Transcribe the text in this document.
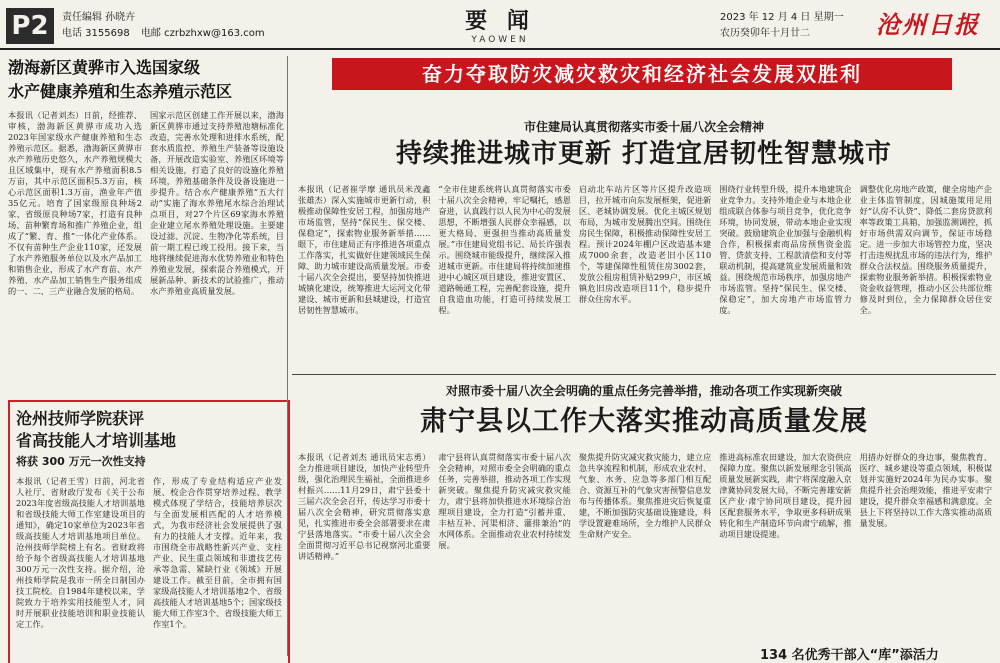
P2	责任编辑 孙晓卉
电话 3155698 电邮 czrbzhxw@163.com	要 闻
YAOWEN
2023 年 12 月 4 日 星期一
农历癸卯年十月廿二	沧州日报
渤海新区黄骅市入选国家级
水产健康养殖和生态养殖示范区
本报讯（记者刘杰）日前，经推荐、审核，渤海新区黄骅市成功入选2023年国家级水产健康养殖和生态养殖示范区。据悉，渤海新区黄骅市水产养殖历史悠久，水产养殖规模大且区域集中，现有水产养殖面积8.5万亩，其中示范区面积5.3万亩，核心示范区面积1.3万亩，渔业年产值35亿元。培育了国家级原良种场2家、省级原良种场7家，打造有良种场、苗种繁育场和推广养殖企业，组成了“繁、育、推”一体化产业体系。不仅有苗种生产企业110家，还发展了水产养殖服务单位以及水产品加工和销售企业，形成了水产育苗、水产养殖、水产品加工销售生产服务组成的一、二、三产业融合发展的格局。
国家示范区创建工作开展以来，渤海新区黄骅市通过支持养殖池塘标准化改造，完善水处理和进排水系统，配套水质监控、养殖生产装备等设施设备，开展改造实验室、养殖区环境等相关设施，打造了良好的设施化养殖环境，养殖基础条件及设备设施进一步提升。结合水产健康养殖“五大行动”实施了海水养殖尾水综合治理试点项目，对27个片区69家海水养殖企业建立尾水养殖处理设施。主要建设过滤、沉淀、生物净化等系统，目前一期工程已竣工投用。接下来，当地将继续促进海水优势养殖业和特色养殖业发展，探索混合养殖模式，开展新品种、新技术的试验推广，推动水产养殖业高质量发展。
沧州技师学院获评
省高技能人才培训基地
将获 300 万元一次性支持
本报讯（记者王雪）日前，河北省人社厅、省财政厅发布《关于公布2023年度省级高技能人才培训基地和省级技能大师工作室建设项目的通知》，确定10家单位为2023年省级高技能人才培训基地项目单位。沧州技师学院榜上有名。省财政将给予每个省级高技能人才培训基地300万元一次性支持。据介绍，沧州技师学院是我市一所全日制国办技工院校。自1984年建校以来，学院致力于培养实用技能型人才，同时开展职业技能培训和职业技能认定工作。
作，形成了专业结构适应产业发展、校企合作贯穿培养过程、教学模式体现了学结合，技能培养层次与全面发展相匹配的人才培养模式，为我市经济社会发展提供了强有力的技能人才支撑。近年来，我市围绕全市战略性新兴产业、支柱产业、民生重点领域和非遗技艺传承等急需、紧缺行业《领域》开展建设工作。截至目前，全市拥有国家级高技能人才培训基地2个、省级高技能人才培训基地5个；国家级技能大师工作室3个、省级技能大师工作室1个。
奋力夺取防灾减灾救灾和经济社会发展双胜利
市住建局认真贯彻落实市委十届八次全会精神
持续推进城市更新 打造宜居韧性智慧城市
本报讯（记者崔学摩 通讯员米茂鑫 张雄杰）深入实施城市更新行动，积极推动保障性安居工程，加强房地产市场监管，坚持“保民生、保交楼、保稳定”，探索物业服务新举措……眼下，市住建局正有序推进各项重点工作落实，扎实做好住建领域民生保障、助力城市建设高质量发展。市委十届八次全会提出，要坚持加快推进城镇化建设，统筹推进大运河文化带建设、城市更新和县城建设，打造宜居韧性智慧城市。
“全市住建系统将认真贯彻落实市委十届八次全会精神，牢记嘱托，感恩奋进，认真践行以人民为中心的发展思想，不断增强人民群众幸福感，以更大格局、更强担当推动高质量发展。”市住建局党组书记、局长许强表示。围绕城市能级提升，继续深入推进城市更新。市住建局将持续加速推进中心城区项目建设，推进安置区、道路畅通工程，完善配套设施，提升自我造血功能，打造可持续发展工程。
启动北车站片区等片区提升改造项目，拉开城市向东发展框架，促进新区、老城协调发展。优化主城区规划布局，为城市发展腾出空间。围绕住房民生保障，积极推动保障性安居工程。预计2024年棚户区改造基本建成7000余套，改造老旧小区110个，等建保障性租赁住房3002套，发放公租房租赁补贴299户，市区城镇危旧房改造项目11个，稳步提升群众住房水平。
围绕行业转型升级，提升本地建筑企业竞争力。支持外地企业与本地企业组成联合体参与项目竞争，优化竞争环境，协同发展，带动本地企业实现突破。鼓励建筑企业加强与金融机构合作，积极探索商品房预售资金监管、贷款支持、工程款清偿和支付等联动机制，提高建筑业发展质量和效益。围绕规范市场秩序，加强房地产市场监管。坚持“保民生、保交楼、保稳定”，加大房地产市场监管力度。
调整优化房地产政策，健全房地产企业主体监管制度，因城施策用足用好“认房不认贷”、降低二套房贷款利率等政策工具箱，加强监测调控，抓好市场供需双向调节，保证市场稳定。进一步加大市场管控力度，坚决打击违规扰乱市场的违法行为，维护群众合法权益。围绕服务质量提升，探索物业服务新举措。积极探索物业资金收益管理，推动小区公共部位维修及时到位，全力保障群众居住安全。
对照市委十届八次全会明确的重点任务完善举措，推动各项工作实现新突破
肃宁县以工作大落实推动高质量发展
本报讯（记者刘杰 通讯员宋志勇）全力推进项目建设，加快产业转型升级，强化治理民生福祉，全面推进乡村振兴……11月29日，肃宁县委十三届六次全会召开，传达学习市委十届八次全会精神，研究贯彻落实意见，扎实推进市委全会部署要求在肃宁县落地落实。“市委十届八次全会全面贯彻习近平总书记视察河北重要讲话精神。”
肃宁县将认真贯彻落实市委十届八次全会精神，对照市委全会明确的重点任务，完善举措，推动各项工作实现新突破。聚焦提升防灾减灾救灾能力，肃宁县将加快推进水环境综合治理项目建设，全力打造“引蓄并重、丰枯互补、河渠相济、灌排兼治”的水网体系。全面推动农业农村持续发展。
聚焦提升防灾减灾救灾能力，建立应急共享流程和机制，形成农业农村、气象、水务、应急等多部门相互配合、资源互补的气象灾害预警信息发布与传播体系。聚焦推进灾后恢复重建，不断加强防灾基础设施建设，科学设置避难场所，全力维护人民群众生命财产安全。
推进高标准农田建设，加大农资供应保障力度。聚焦以新发展理念引领高质量发展新实践，肃宁将深度融入京津冀协同发展大局，不断完善雄安新区产业·肃宁协同项目建设，提升园区配套服务水平，争取更多科研成果转化和生产制造环节向肃宁疏解，推动项目建设提速。
用措办好群众的身边事，聚焦教育、医疗、城乡建设等重点领域，积极谋划并实施好2024年为民办实事。聚焦提升社会治理效能，推进平安肃宁建设，提升群众幸福感和满意度。全县上下将坚持以工作大落实推动高质量发展。
134 名优秀干部入“库”添活力
